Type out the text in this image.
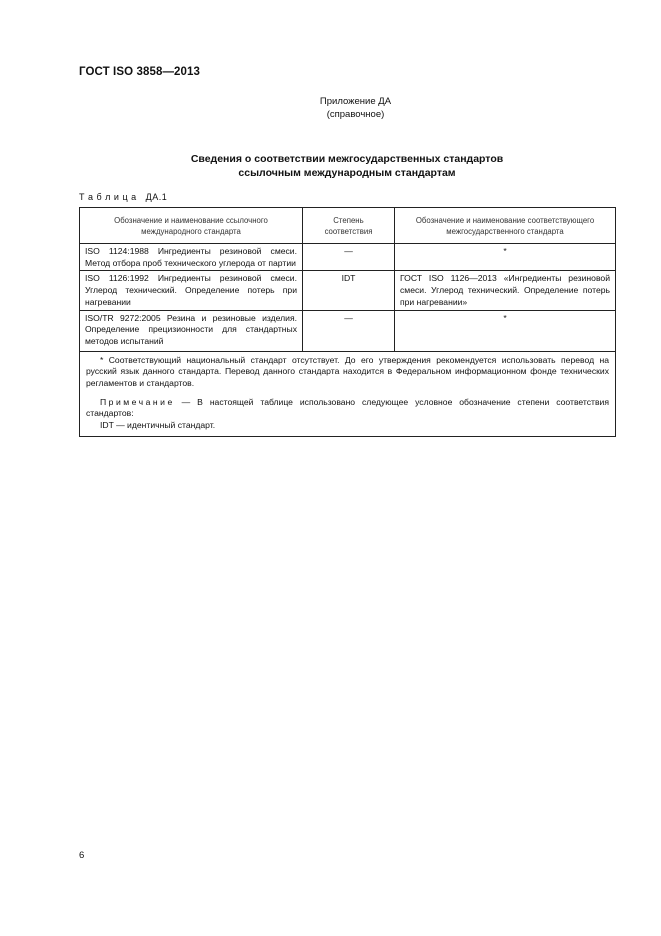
ГОСТ ISO 3858—2013
Приложение ДА
(справочное)
Сведения о соответствии межгосударственных стандартов
ссылочным международным стандартам
Т а б л и ц а   ДА.1
Обозначение и наименование ссылочного международного стандарта	Степень соответствия	Обозначение и наименование соответствующего межгосударственного стандарта
ISO 1124:1988 Ингредиенты резиновой смеси. Метод отбора проб технического углерода от партии	—	*
ISO 1126:1992 Ингредиенты резиновой смеси. Углерод технический. Определение потерь при нагревании	IDT	ГОСТ ISO 1126—2013 «Ингредиенты резиновой смеси. Углерод технический. Определение потерь при нагревании»
ISO/TR 9272:2005 Резина и резиновые изделия. Определение прецизионности для стандартных методов испытаний	—	*

* Соответствующий национальный стандарт отсутствует. До его утверждения рекомендуется использовать перевод на русский язык данного стандарта. Перевод данного стандарта находится в Федеральном информационном фонде технических регламентов и стандартов.

Примечание — В настоящей таблице использовано следующее условное обозначение степени соответствия стандартов:

IDT — идентичный стандарт.		

6
